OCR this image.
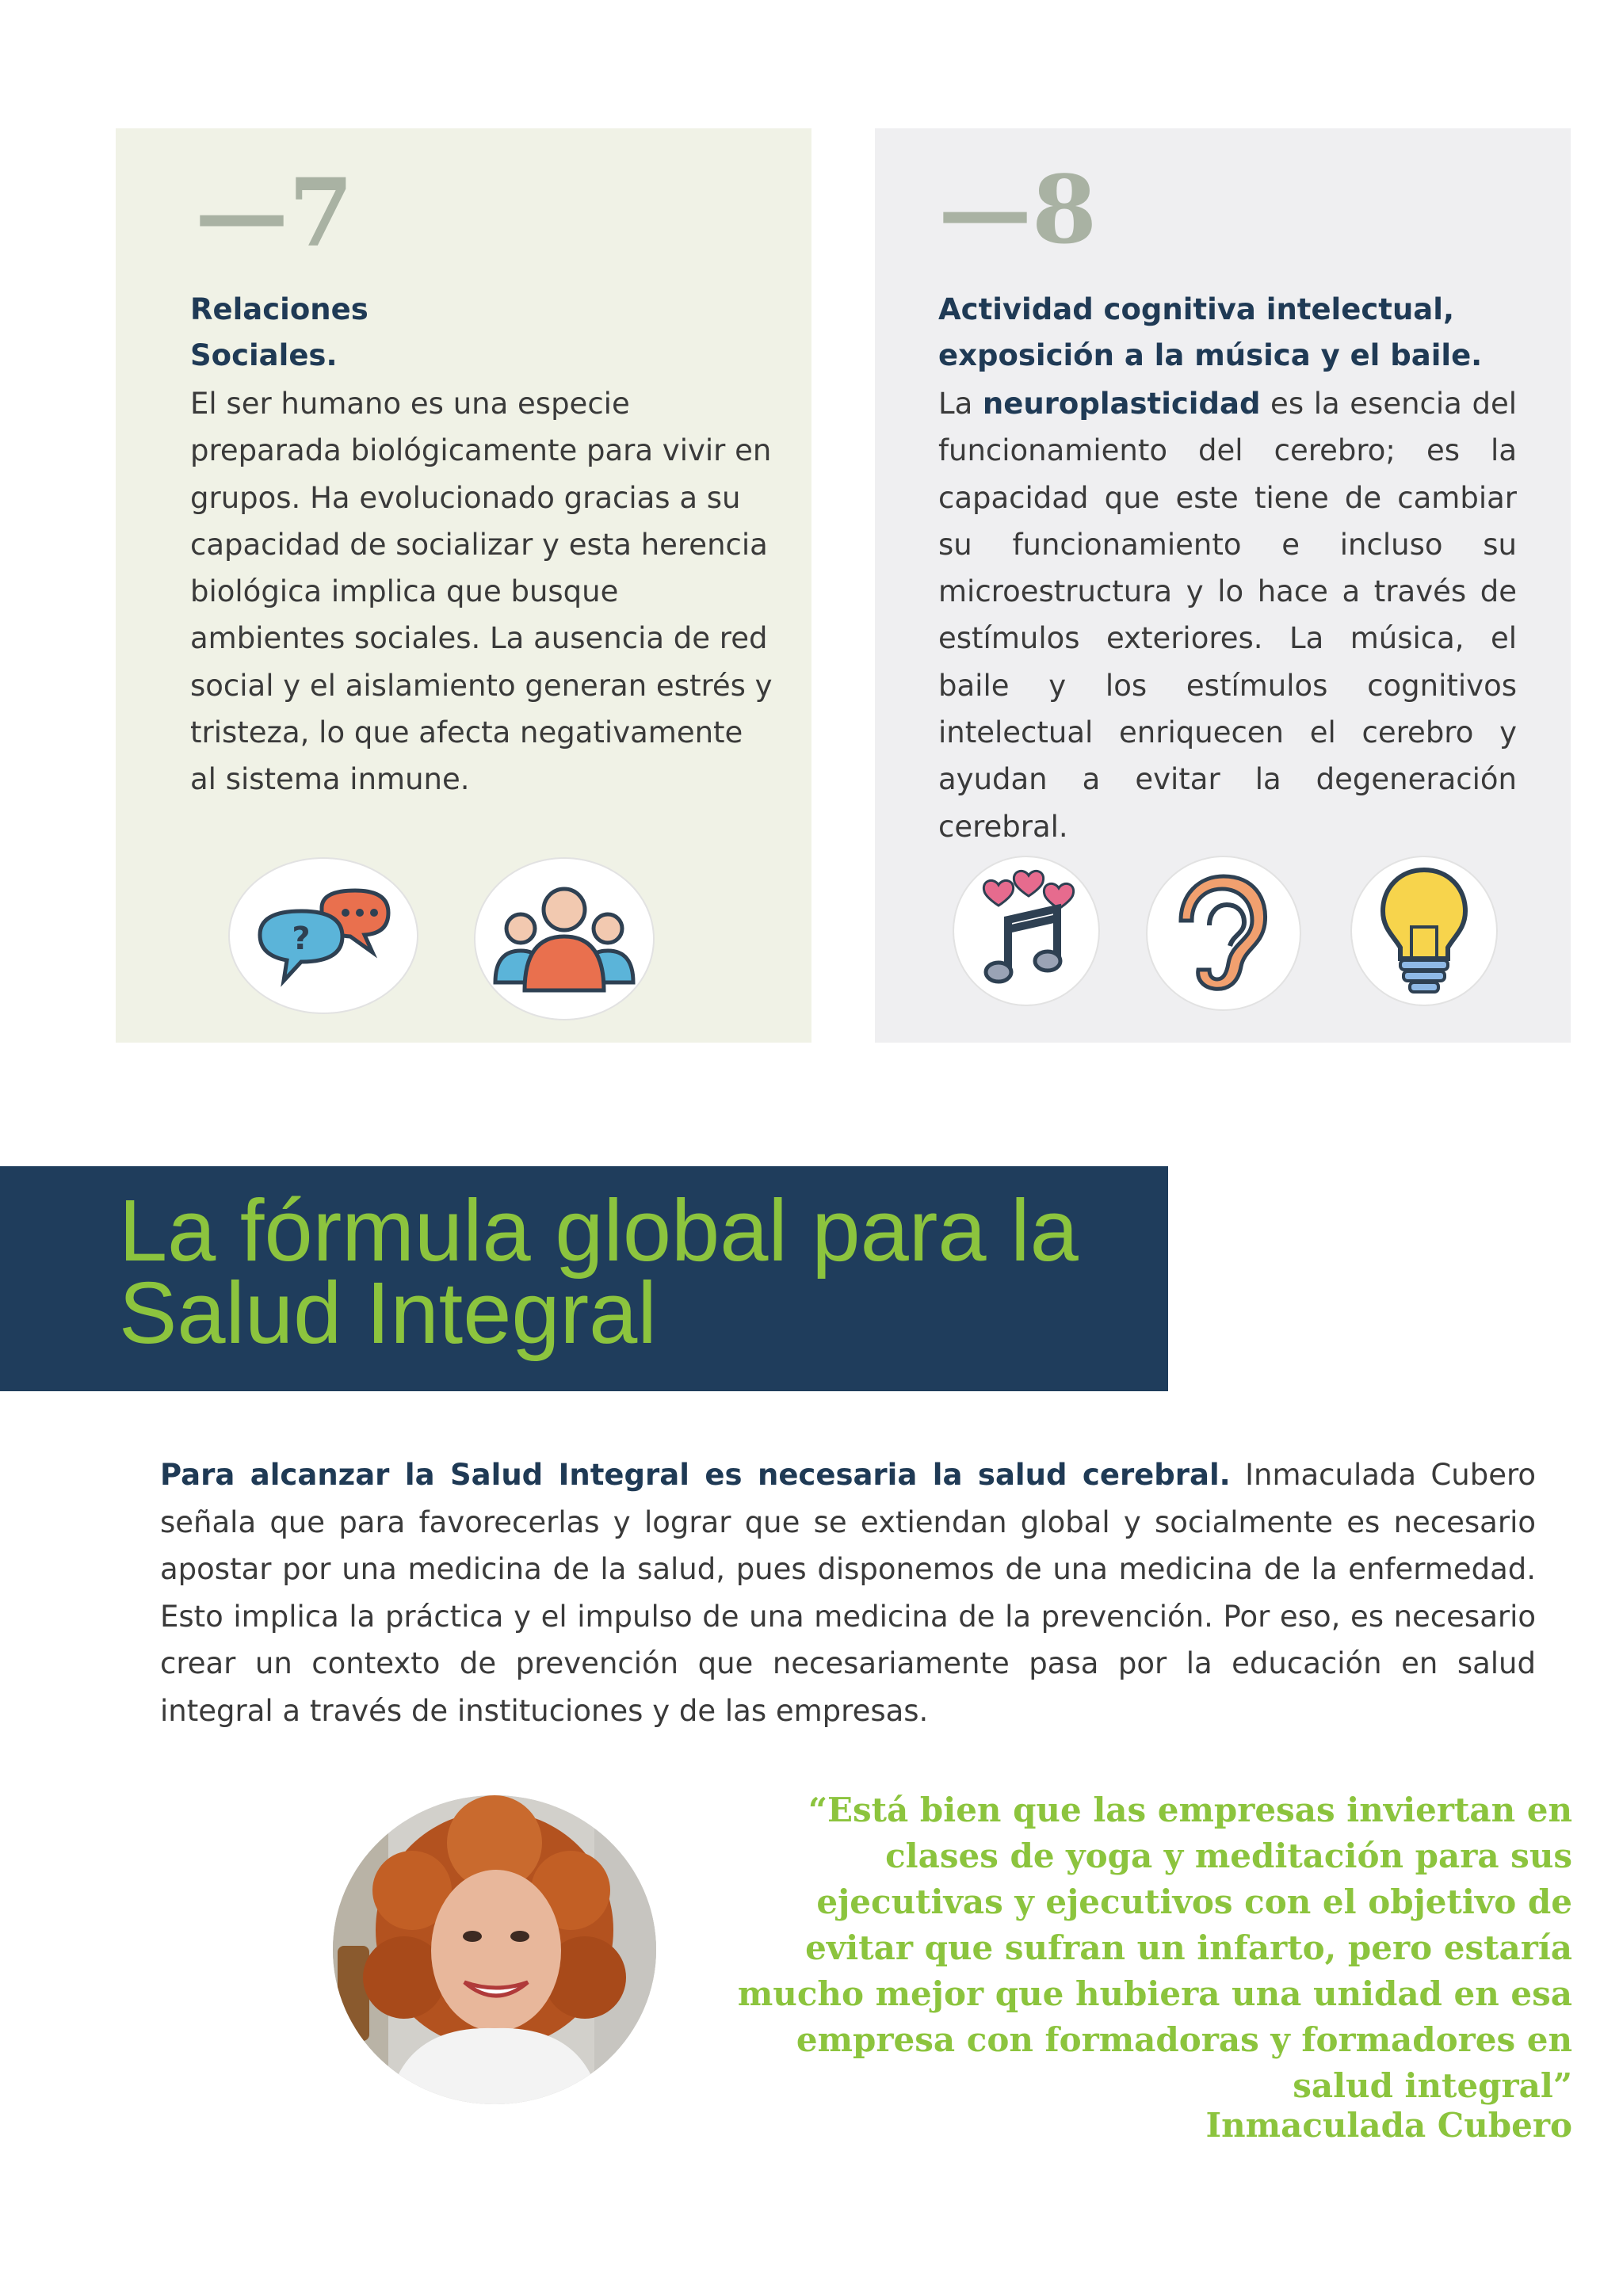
—7
Relaciones
Sociales.

El ser humano es una especie preparada biológicamente para vivir en grupos. Ha evolucionado gracias a su capacidad de socializar y esta herencia biológica implica que busque ambientes sociales. La ausencia de red social y el aislamiento generan estrés y tristeza, lo que afecta negativamente al sistema inmune.

?
—8
Actividad cognitiva intelectual,
exposición a la música y el baile.

La neuroplasticidad es la esencia del funcionamiento del cerebro; es la capacidad que este tiene de cambiar su funcionamiento e incluso su microestructura y lo hace a través de estímulos exteriores. La música, el baile y los estímulos cognitivos intelectual enriquecen el cerebro y ayudan a evitar la degeneración cerebral.

La fórmula global para la
Salud Integral

Para alcanzar la Salud Integral es necesaria la salud cerebral. Inmaculada Cubero señala que para favorecerlas y lograr que se extiendan global y socialmente es necesario apostar por una medicina de la salud, pues disponemos de una medicina de la enfermedad. Esto implica la práctica y el impulso de una medicina de la prevención. Por eso, es necesario crear un contexto de prevención que necesariamente pasa por la educación en salud integral a través de instituciones y de las empresas.

“Está bien que las empresas inviertan en clases de yoga y meditación para sus ejecutivas y ejecutivos con el objetivo de evitar que sufran un infarto, pero estaría mucho mejor que hubiera una unidad en esa empresa con formadoras y formadores en salud integral”

Inmaculada Cubero
